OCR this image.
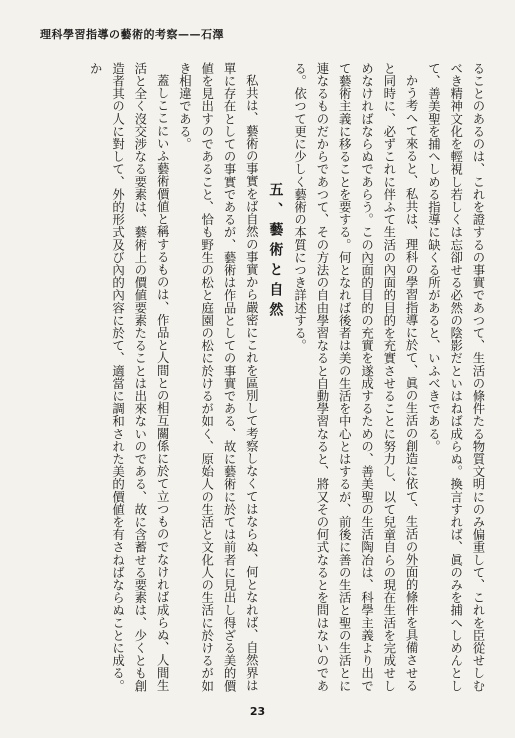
理科學習指導の藝術的考察——石澤

ることのあるのは、これを證するの事實であつて、生活の條件たる物質文明にのみ偏重して、これを臣從せしむべき精神文化を輕視し若しくは忘卻せる必然の陰影だといはねば成らぬ。換言すれば、眞のみを捕へしめんとして、善美聖を捕へしめる指導に缺くる所があると、いふべきである。

かう考へて來ると、私共は、理科の學習指導に於て、眞の生活の創造に依て、生活の外面的條件を具備させると同時に、必ずこれに伴ふて生活の內面的目的を充實させることに努力し、以て兒童自らの現在生活を完成せしめなければならぬであらう。この內面的目的の充實を遂成するための、善美聖の生活陶冶は、科學主義より出でて藝術主義に移ることを要する。何となれば後者は美の生活を中心とはするが、前後に善の生活と聖の生活とに連なるものだからであつて、その方法の自由學習なると自動學習なると、將又その何式なるとを問はないのである。依つて更に少しく藝術の本質につき詳述する。

五、藝術と自然

私共は、藝術の事實をば自然の事實から嚴密にこれを區別して考察しなくてはならぬ、何となれば、自然界は單に存在としての事實であるが、藝術は作品としての事實である、故に藝術に於ては前者に見出し得ざる美的價値を見出すのであること、恰も野生の松と庭園の松に於けるが如く、原始人の生活と文化人の生活に於けるが如き相違である。

蓋しここにいふ藝術價値と稱するものは、作品と人間との相互關係に於て立つものでなければ成らぬ、人間生活と全く沒交涉なる要素は、藝術上の價値要素たることは出來ないのである、故に含蓄せる要素は、少くとも創造者其の人に對して、外的形式及び內的內容に於て、適當に調和された美的價値を有さねばならぬことに成る。か

23
